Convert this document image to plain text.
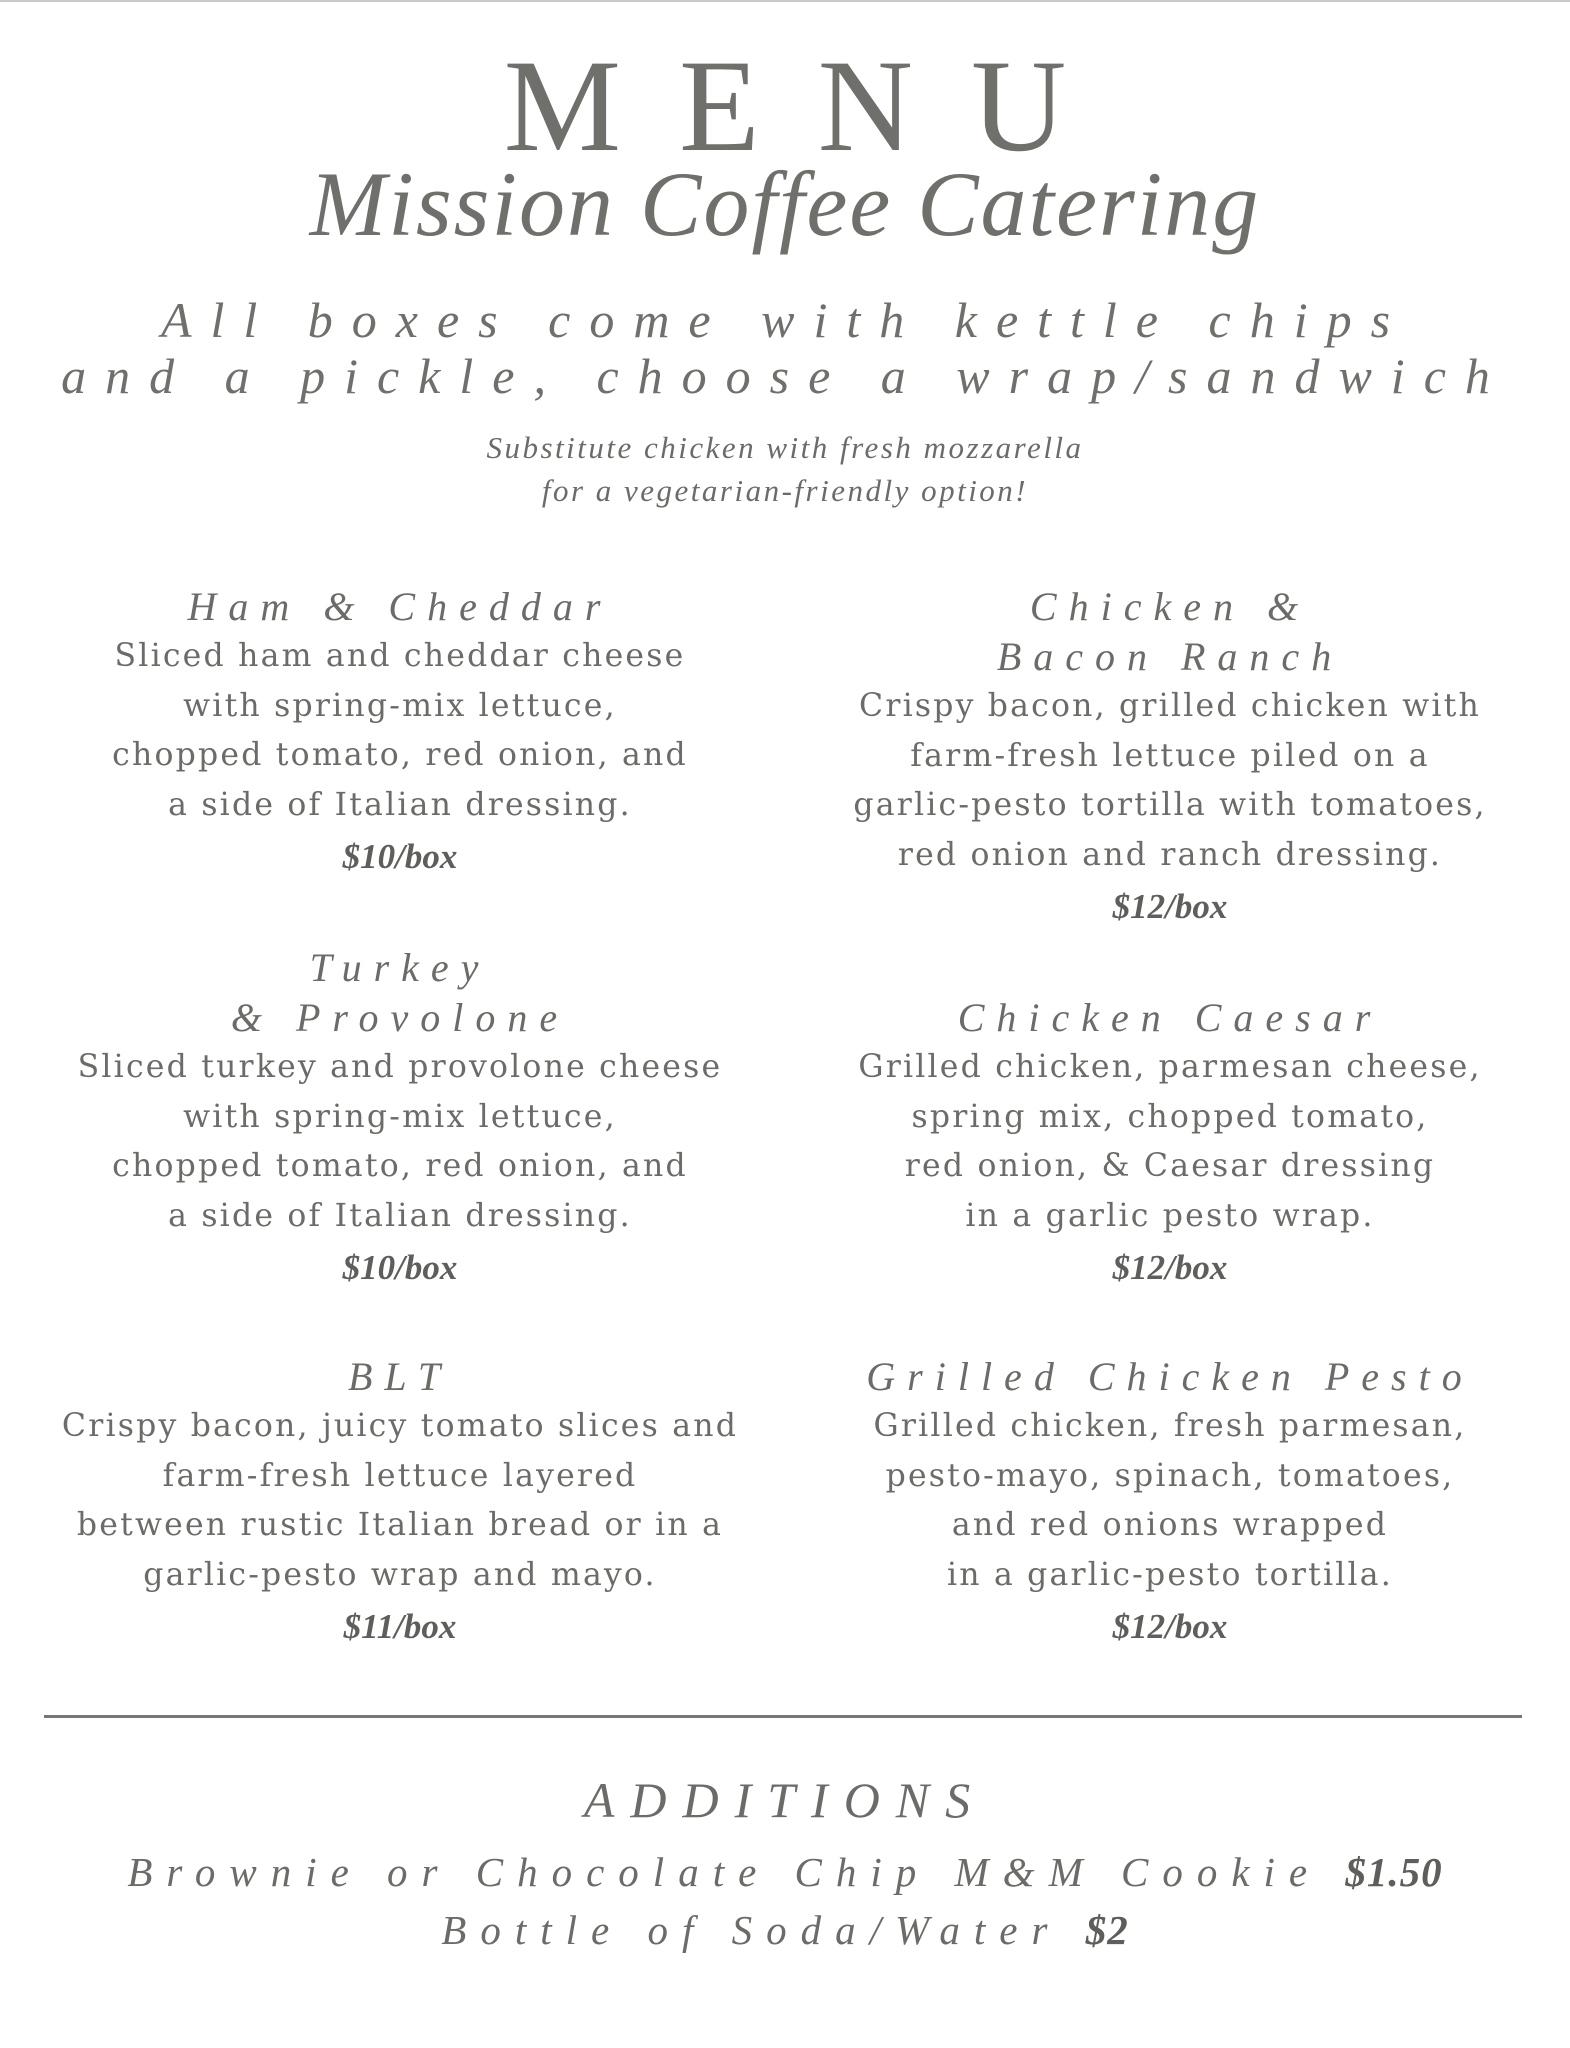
MENU
Mission Coffee Catering
All boxes come with kettle chips
and a pickle, choose a wrap/sandwich
Substitute chicken with fresh mozzarella
for a vegetarian-friendly option!
Ham & Cheddar
Sliced ham and cheddar cheese
with spring-mix lettuce,
chopped tomato, red onion, and
a side of Italian dressing.
$10/box
Chicken &
Bacon Ranch
Crispy bacon, grilled chicken with
farm-fresh lettuce piled on a
garlic-pesto tortilla with tomatoes,
red onion and ranch dressing.
$12/box
Turkey
& Provolone
Sliced turkey and provolone cheese
with spring-mix lettuce,
chopped tomato, red onion, and
a side of Italian dressing.
$10/box
Chicken Caesar
Grilled chicken, parmesan cheese,
spring mix, chopped tomato,
red onion, & Caesar dressing
in a garlic pesto wrap.
$12/box
BLT
Crispy bacon, juicy tomato slices and
farm-fresh lettuce layered
between rustic Italian bread or in a
garlic-pesto wrap and mayo.
$11/box
Grilled Chicken Pesto
Grilled chicken, fresh parmesan,
pesto-mayo, spinach, tomatoes,
and red onions wrapped
in a garlic-pesto tortilla.
$12/box
ADDITIONS
Brownie or Chocolate Chip M&M Cookie $1.50
Bottle of Soda/Water $2
